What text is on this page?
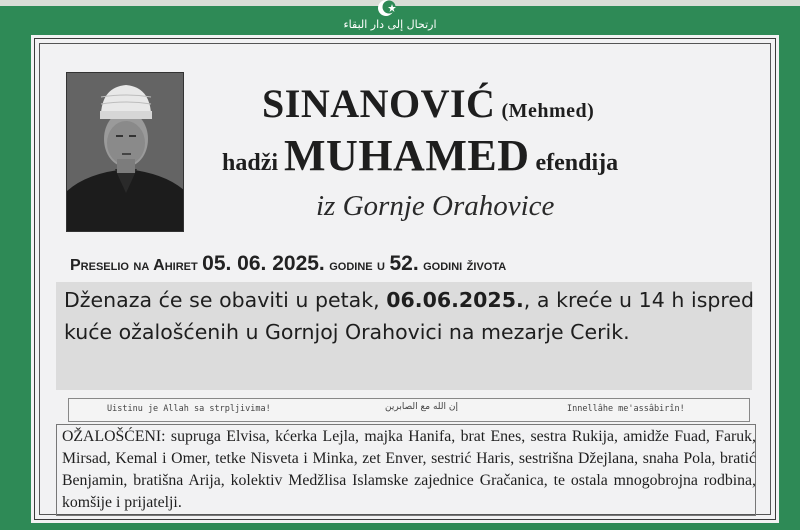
ارتحال إلى دار البقاء
SINANOVIĆ (Mehmed)
hadži MUHAMED efendija
iz Gornje Orahovice
Preselio na Ahiret 05. 06. 2025. godine u 52. godini života
Dženaza će se obaviti u petak, 06.06.2025., a kreće u 14 h ispred kuće ožalošćenih u Gornjoj Orahovici na mezarje Cerik.
Uistinu je Allah sa strpljivima!	إن الله مع الصابرين	Innellâhe me'assâbirîn!
OŽALOŠĆENI: supruga Elvisa, kćerka Lejla, majka Hanifa, brat Enes, sestra Rukija, amidže Fuad, Faruk, Mirsad, Kemal i Omer, tetke Nisveta i Minka, zet Enver, sestrić Haris, sestrišna Džejlana, snaha Pola, bratić Benjamin, bratišna Arija, kolektiv Medžlisa Islamske zajednice Gračanica, te ostala mnogobrojna rodbina, komšije i prijatelji.
